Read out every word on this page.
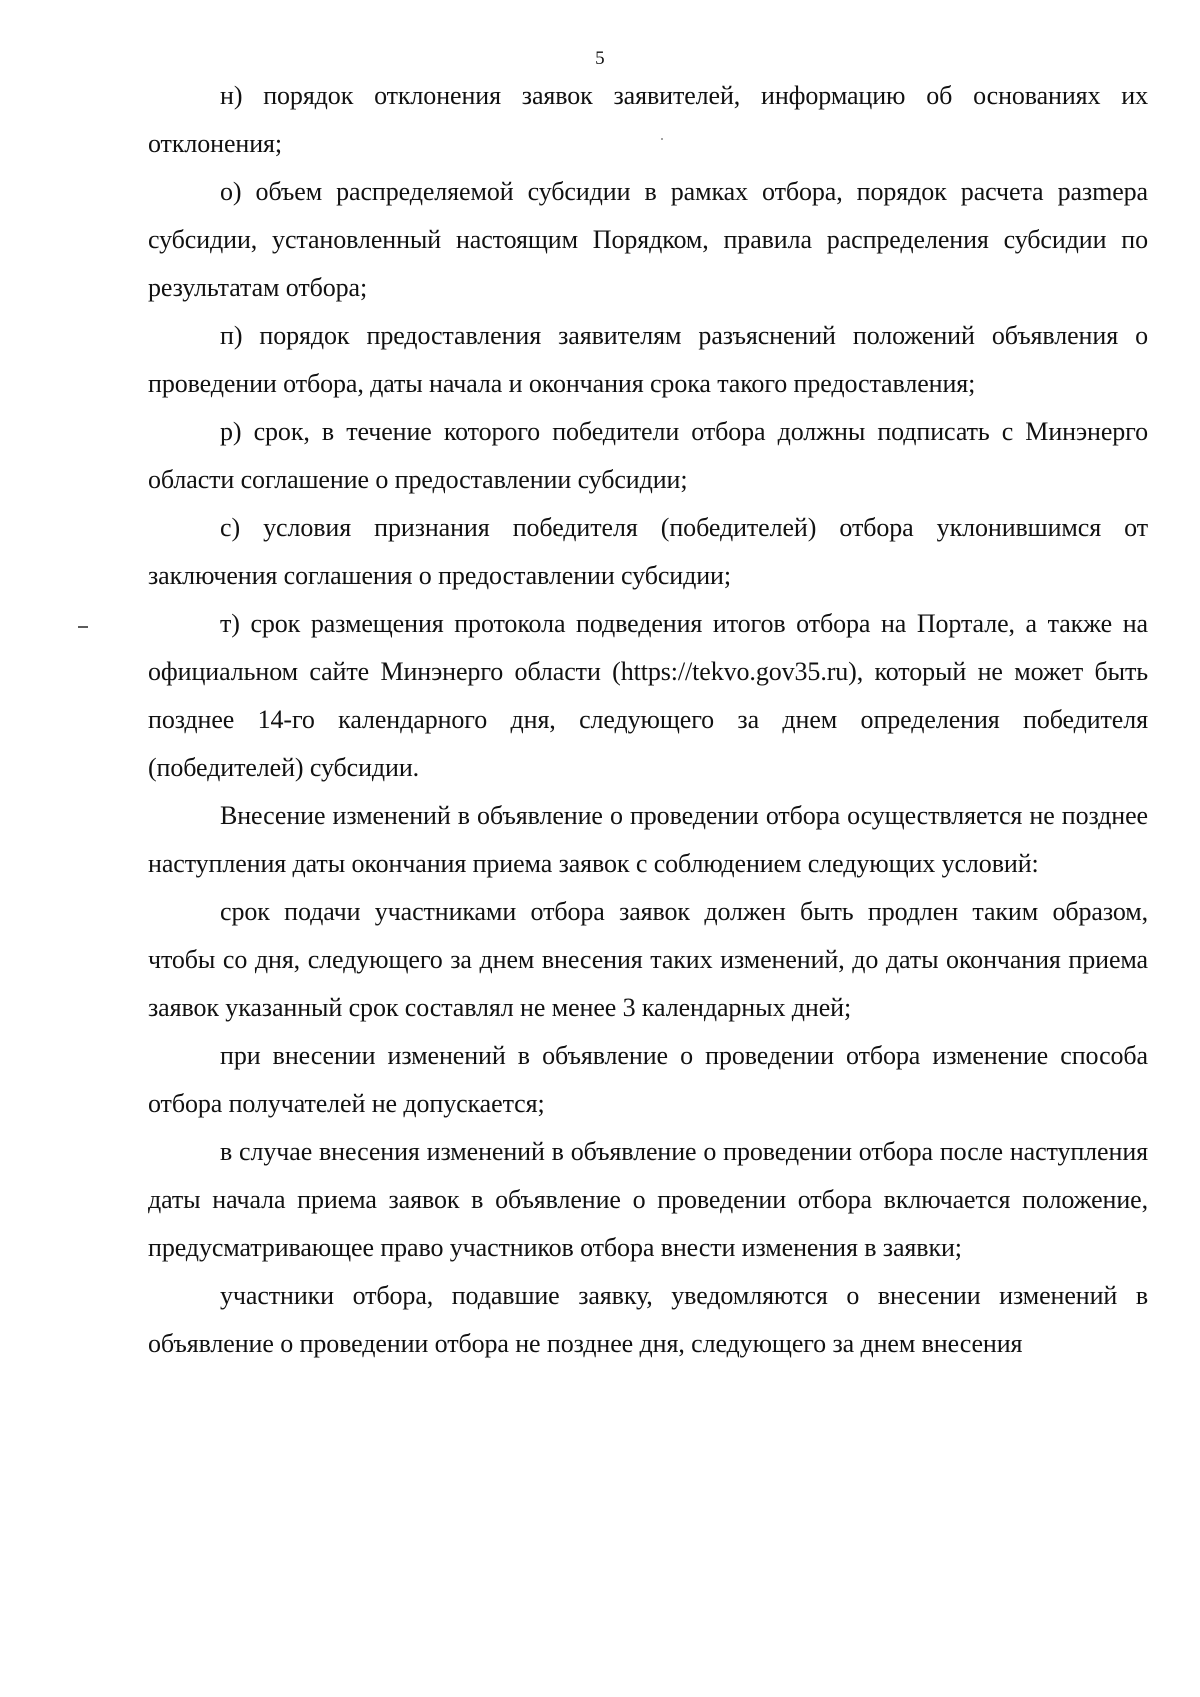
5

н) порядок отклонения заявок заявителей, информацию об основаниях их отклонения;

о) объем распределяемой субсидии в рамках отбора, порядок расчета разmера субсидии, установленный настоящим Порядком, правила распределения субсидии по результатам отбора;

п) порядок предоставления заявителям разъяснений положений объявления о проведении отбора, даты начала и окончания срока такого предоставления;

р) срок, в течение которого победители отбора должны подписать с Минэнерго области соглашение о предоставлении субсидии;

с) условия признания победителя (победителей) отбора уклонившимся от заключения соглашения о предоставлении субсидии;

т) срок размещения протокола подведения итогов отбора на Портале, а также на официальном сайте Минэнерго области (https://tekvo.gov35.ru), который не может быть позднее 14-го календарного дня, следующего за днем определения победителя (победителей) субсидии.

Внесение изменений в объявление о проведении отбора осуществляется не позднее наступления даты окончания приема заявок с соблюдением следующих условий:

срок подачи участниками отбора заявок должен быть продлен таким образом, чтобы со дня, следующего за днем внесения таких изменений, до даты окончания приема заявок указанный срок составлял не менее 3 календарных дней;

при внесении изменений в объявление о проведении отбора изменение способа отбора получателей не допускается;

в случае внесения изменений в объявление о проведении отбора после наступления даты начала приема заявок в объявление о проведении отбора включается положение, предусматривающее право участников отбора внести изменения в заявки;

участники отбора, подавшие заявку, уведомляются о внесении изменений в объявление о проведении отбора не позднее дня, следующего за днем внесения
